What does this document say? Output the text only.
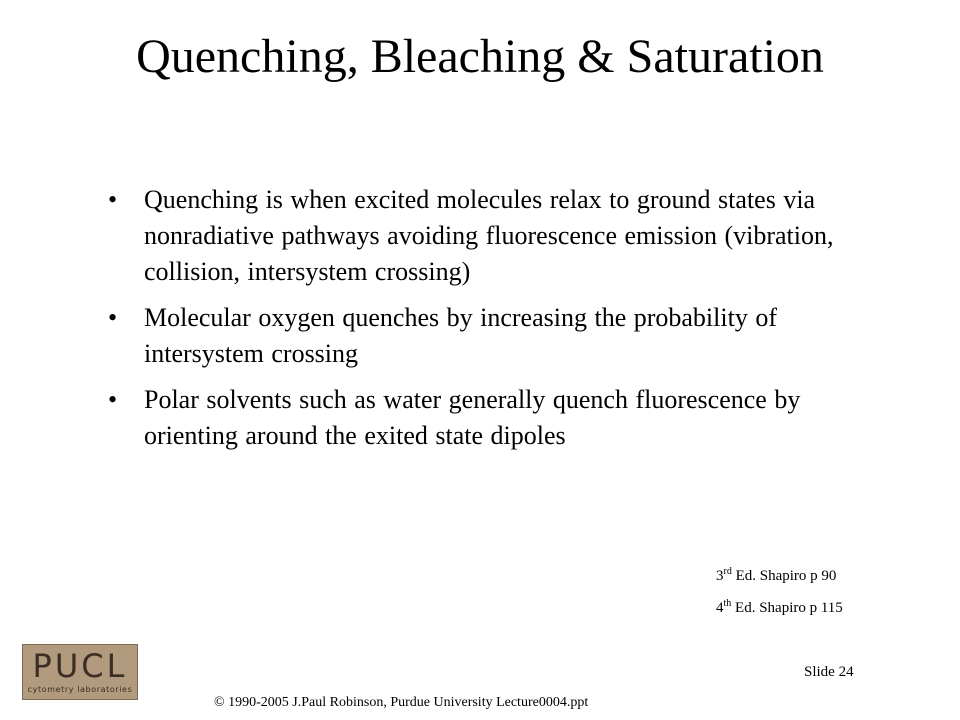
Quenching, Bleaching & Saturation
• Quenching is when excited molecules relax to ground states via nonradiative pathways avoiding fluorescence emission (vibration, collision, intersystem crossing)
• Molecular oxygen quenches by increasing the probability of intersystem crossing
• Polar solvents such as water generally quench fluorescence by orienting around the exited state dipoles
3rd Ed. Shapiro p 90
4th Ed. Shapiro p 115
PUCL
cytometry laboratories
Slide 24
© 1990-2005 J.Paul Robinson, Purdue University Lecture0004.ppt
